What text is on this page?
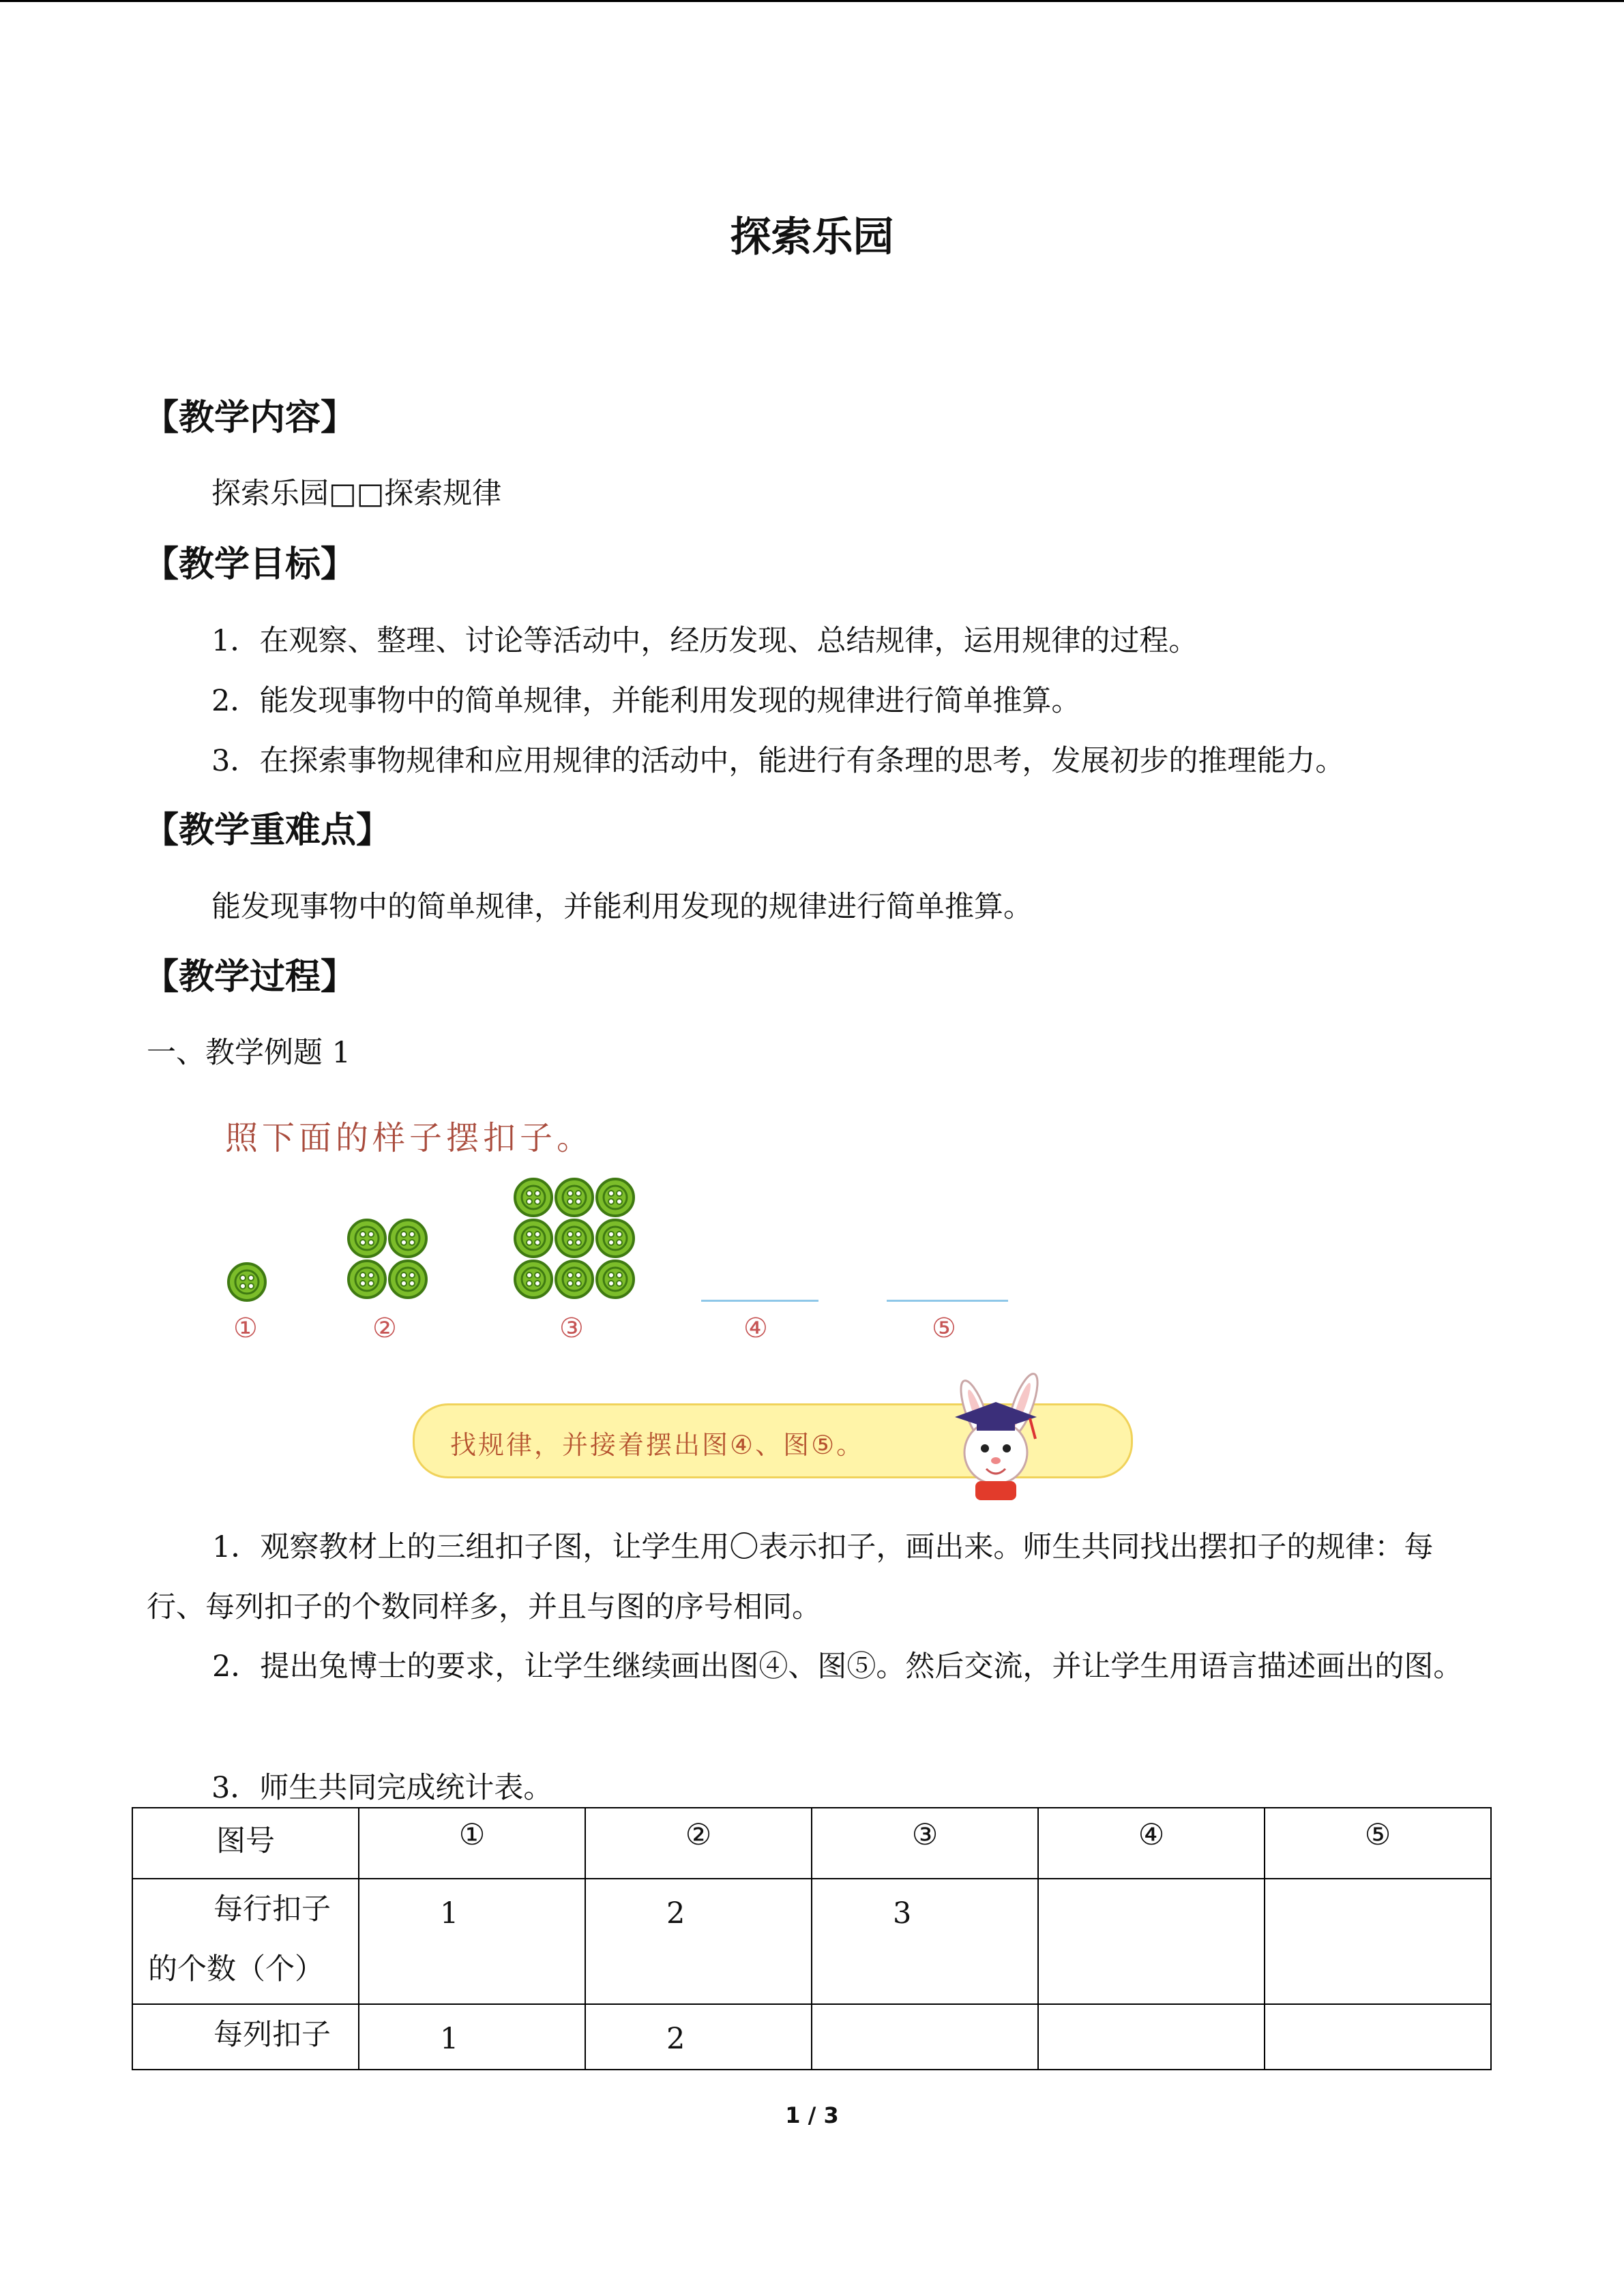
探索乐园
【教学内容】
探索乐园□□探索规律
【教学目标】
1．在观察、整理、讨论等活动中，经历发现、总结规律，运用规律的过程。
2．能发现事物中的简单规律，并能利用发现的规律进行简单推算。
3．在探索事物规律和应用规律的活动中，能进行有条理的思考，发展初步的推理能力。
【教学重难点】
能发现事物中的简单规律，并能利用发现的规律进行简单推算。
【教学过程】
一、教学例题 1
照下面的样子摆扣子。
①	②	③	④	⑤
找规律，并接着摆出图④、图⑤。
1．观察教材上的三组扣子图，让学生用〇表示扣子，画出来。师生共同找出摆扣子的规律：每行、每列扣子的个数同样多，并且与图的序号相同。
2．提出兔博士的要求，让学生继续画出图④、图⑤。然后交流，并让学生用语言描述画出的图。
3．师生共同完成统计表。
图号	①	②	③	④	⑤

每行扣子
的个数（个）	1	2	3		

每列扣子	1	2			
1 / 3
